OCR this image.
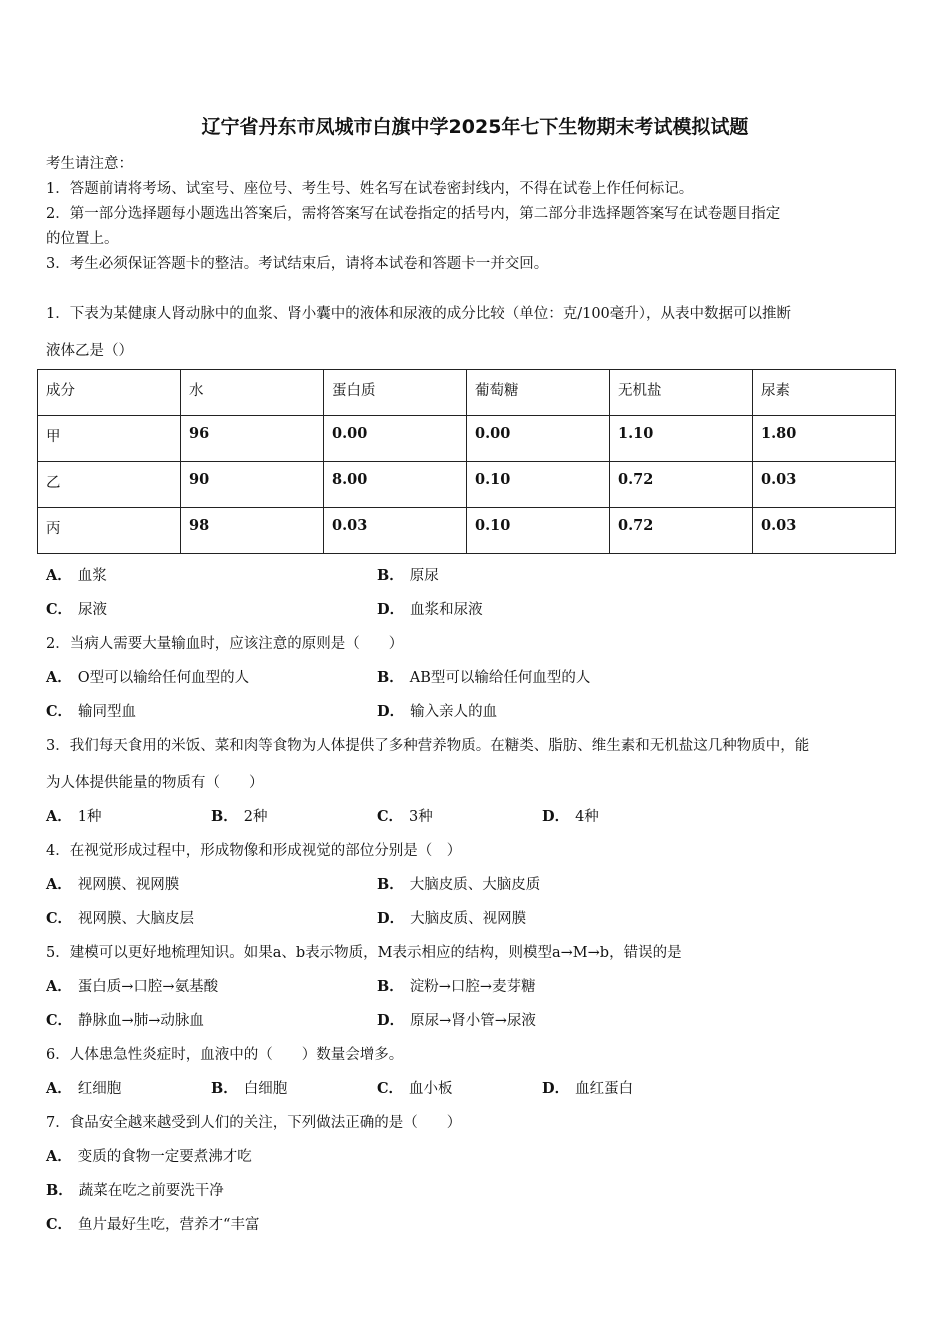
辽宁省丹东市凤城市白旗中学2025年七下生物期末考试模拟试题
考生请注意：
1．答题前请将考场、试室号、座位号、考生号、姓名写在试卷密封线内，不得在试卷上作任何标记。
2．第一部分选择题每小题选出答案后，需将答案写在试卷指定的括号内，第二部分非选择题答案写在试卷题目指定
的位置上。
3．考生必须保证答题卡的整洁。考试结束后，请将本试卷和答题卡一并交回。
1．下表为某健康人肾动脉中的血浆、肾小囊中的液体和尿液的成分比较（单位：克/100毫升），从表中数据可以推断
液体乙是（）
成分	水	蛋白质	葡萄糖	无机盐	尿素
甲	96	0.00	0.00	1.10	1.80
乙	90	8.00	0.10	0.72	0.03
丙	98	0.03	0.10	0.72	0.03
A． 血浆	B． 原尿
C． 尿液	D． 血浆和尿液
2．当病人需要大量输血时，应该注意的原则是（　　）
A． O型可以输给任何血型的人	B． AB型可以输给任何血型的人
C． 输同型血	D． 输入亲人的血
3．我们每天食用的米饭、菜和肉等食物为人体提供了多种营养物质。在糖类、脂肪、维生素和无机盐这几种物质中，能
为人体提供能量的物质有（　　）
A． 1种	B． 2种	C． 3种	D． 4种
4．在视觉形成过程中，形成物像和形成视觉的部位分别是（　）
A． 视网膜、视网膜	B． 大脑皮质、大脑皮质
C． 视网膜、大脑皮层	D． 大脑皮质、视网膜
5．建模可以更好地梳理知识。如果a、b表示物质，M表示相应的结构，则模型a→M→b，错误的是
A． 蛋白质→口腔→氨基酸	B． 淀粉→口腔→麦芽糖
C． 静脉血→肺→动脉血	D． 原尿→肾小管→尿液
6．人体患急性炎症时，血液中的（　　）数量会增多。
A． 红细胞	B． 白细胞	C． 血小板	D． 血红蛋白
7．食品安全越来越受到人们的关注，下列做法正确的是（　　）
A． 变质的食物一定要煮沸才吃
B． 蔬菜在吃之前要洗干净
C． 鱼片最好生吃，营养才“丰富
